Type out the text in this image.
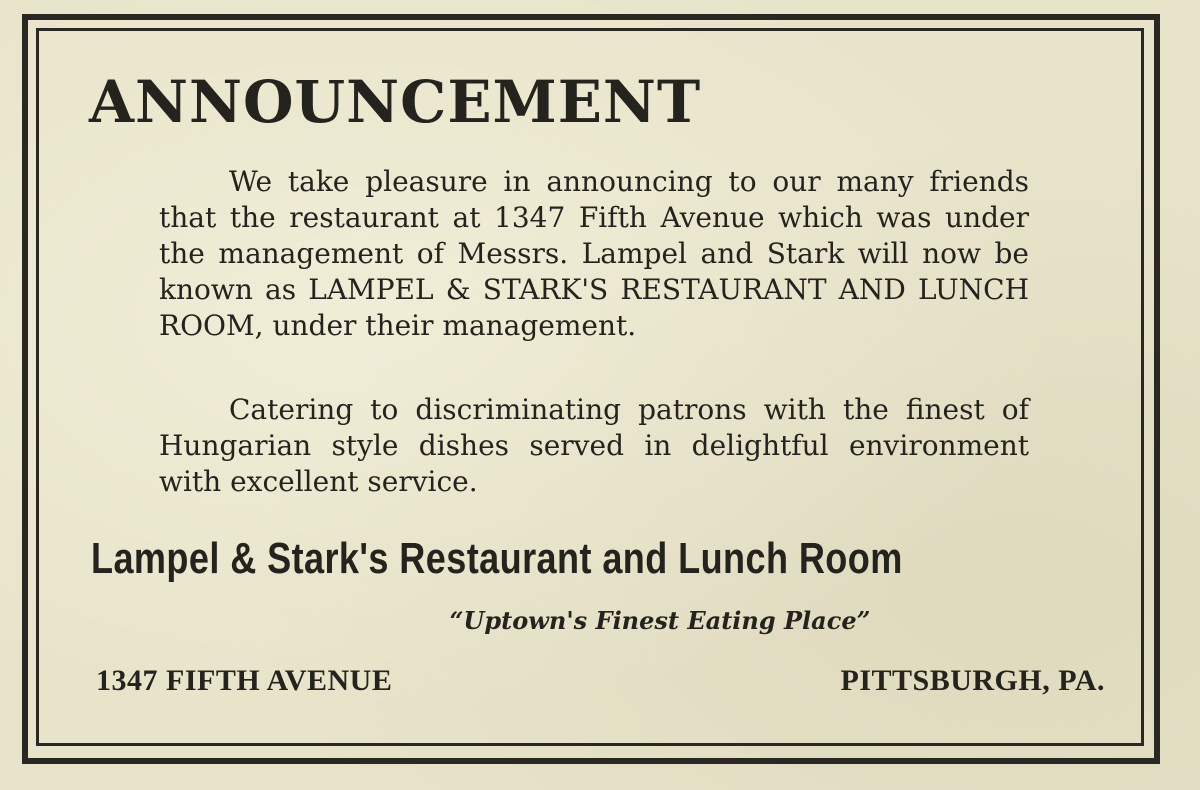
ANNOUNCEMENT

We take pleasure in announcing to our many friends that the restaurant at 1347 Fifth Avenue which was under the management of Messrs. Lampel and Stark will now be known as LAMPEL & STARK'S RESTAURANT AND LUNCH ROOM, under their management.

Catering to discriminating patrons with the finest of Hungarian style dishes served in delightful environment with excellent service.

Lampel & Stark's Restaurant and Lunch Room

“Uptown's Finest Eating Place”

1347 FIFTH AVENUE	PITTSBURGH, PA.
